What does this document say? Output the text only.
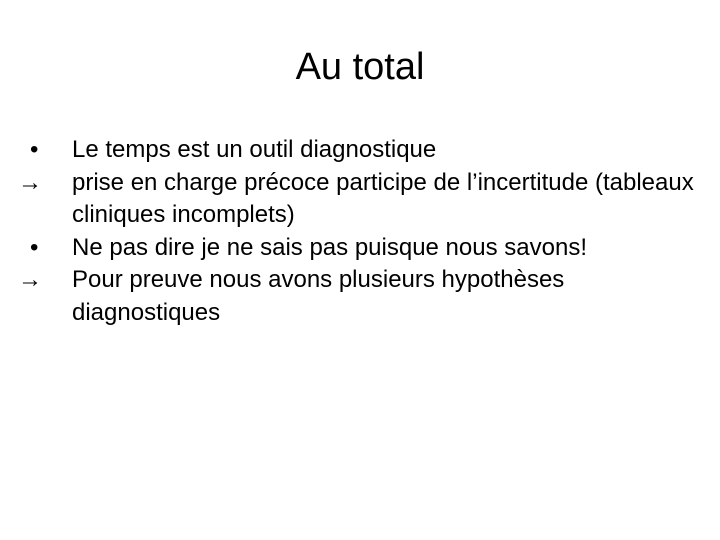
Au total
• Le temps est un outil diagnostique
→ prise en charge précoce participe de l’incertitude (tableaux cliniques incomplets)
• Ne pas dire je ne sais pas puisque nous savons!
→ Pour preuve nous avons plusieurs hypothèses diagnostiques
